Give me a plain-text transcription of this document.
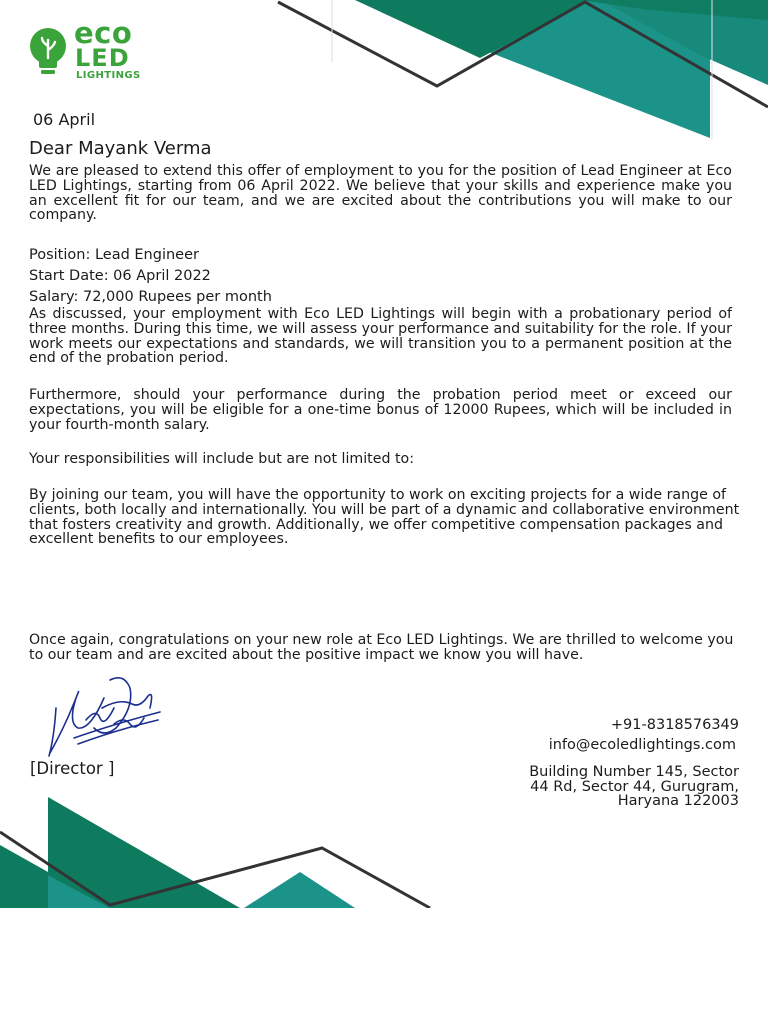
eco
LED
LIGHTINGS
06 April
Dear Mayank Verma

We are pleased to extend this offer of employment to you for the position of Lead Engineer at Eco LED Lightings, starting from 06 April 2022. We believe that your skills and experience make you an excellent fit for our team, and we are excited about the contributions you will make to our company.

Position: Lead Engineer
Start Date: 06 April 2022
Salary: 72,000 Rupees per month

As discussed, your employment with Eco LED Lightings will begin with a probationary period of three months. During this time, we will assess your performance and suitability for the role. If your work meets our expectations and standards, we will transition you to a permanent position at the end of the probation period.

Furthermore, should your performance during the probation period meet or exceed our expectations, you will be eligible for a one-time bonus of 12000 Rupees, which will be included in your fourth-month salary.

Your responsibilities will include but are not limited to:

By joining our team, you will have the opportunity to work on exciting projects for a wide range of clients, both locally and internationally. You will be part of a dynamic and collaborative environment that fosters creativity and growth. Additionally, we offer competitive compensation packages and excellent benefits to our employees.

Once again, congratulations on your new role at Eco LED Lightings. We are thrilled to welcome you to our team and are excited about the positive impact we know you will have.

[Director ]
+91-8318576349
info@ecoledlightings.com
Building Number 145, Sector 44 Rd, Sector 44, Gurugram, Haryana 122003
